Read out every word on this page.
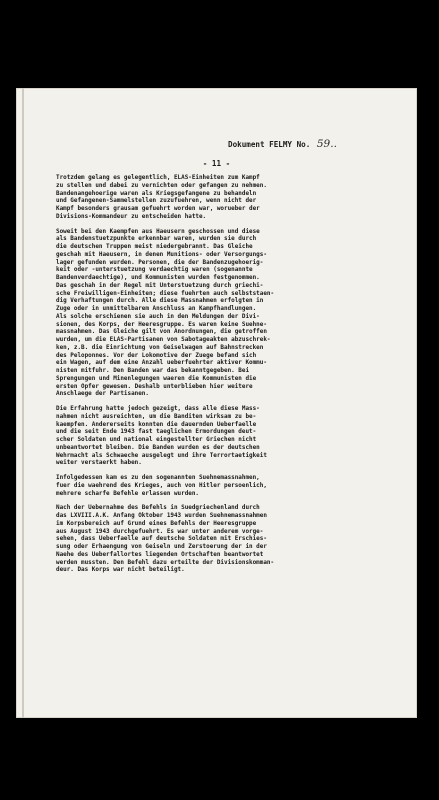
Dokument FELMY No. 59..
- 11 -
Trotzdem gelang es gelegentlich, ELAS-Einheiten zum Kampf
zu stellen und dabei zu vernichten oder gefangen zu nehmen.
Bandenangehoerige waren als Kriegsgefangene zu behandeln
und Gefangenen-Sammelstellen zuzufuehren, wenn nicht der
Kampf besonders grausam gefuehrt worden war, worueber der
Divisions-Kommandeur zu entscheiden hatte.
Soweit bei den Kaempfen aus Haeusern geschossen und diese
als Bandenstuetzpunkte erkennbar waren, wurden sie durch
die deutschen Truppen meist niedergebrannt. Das Gleiche
geschah mit Haeusern, in denen Munitions- oder Versorgungs-
lager gefunden wurden. Personen, die der Bandenzugehoerig-
keit oder -unterstuetzung verdaechtig waren (sogenannte
Bandenverdaechtige), und Kommunisten wurden festgenommen.
Das geschah in der Regel mit Unterstuetzung durch griechi-
sche Freiwilligen-Einheiten; diese fuehrten auch selbststaen-
dig Verhaftungen durch. Alle diese Massnahmen erfolgten in
Zuge oder in unmittelbarem Anschluss an Kampfhandlungen.
Als solche erschienen sie auch in den Meldungen der Divi-
sionen, des Korps, der Heeresgruppe. Es waren keine Suehne-
massnahmen. Das Gleiche gilt von Anordnungen, die getroffen
wurden, um die ELAS-Partisanen von Sabotageakten abzuschrek-
ken, z.B. die Einrichtung von Geiselwagen auf Bahnstrecken
des Peloponnes. Vor der Lokomotive der Zuege befand sich
ein Wagen, auf dem eine Anzahl ueberfuehrter aktiver Kommu-
nisten mitfuhr. Den Banden war das bekanntgegeben. Bei
Sprengungen und Minenlegungen waeren die Kommunisten die
ersten Opfer gewesen. Deshalb unterblieben hier weitere
Anschlaege der Partisanen.
Die Erfahrung hatte jedoch gezeigt, dass alle diese Mass-
nahmen nicht ausreichten, um die Banditen wirksam zu be-
kaempfen. Andererseits konnten die dauernden Ueberfaelle
und die seit Ende 1943 fast taeglichen Ermordungen deut-
scher Soldaten und national eingestellter Griechen nicht
unbeantwortet bleiben. Die Banden wurden es der deutschen
Wehrmacht als Schwaeche ausgelegt und ihre Terrortaetigkeit
weiter verstaerkt haben.
Infolgedessen kam es zu den sogenannten Suehnemassnahmen,
fuer die waehrend des Krieges, auch von Hitler persoenlich,
mehrere scharfe Befehle erlassen wurden.
Nach der Uebernahme des Befehls in Suedgriechenland durch
das LXVIII.A.K. Anfang Oktober 1943 wurden Suehnemassnahmen
im Korpsbereich auf Grund eines Befehls der Heeresgruppe
aus August 1943 durchgefuehrt. Es war unter anderem vorge-
sehen, dass Ueberfaelle auf deutsche Soldaten mit Erschies-
sung oder Erhaengung von Geiseln und Zerstoerung der in der
Naehe des Ueberfallortes liegenden Ortschaften beantwortet
werden mussten. Den Befehl dazu erteilte der Divisionskomman-
deur. Das Korps war nicht beteiligt.
